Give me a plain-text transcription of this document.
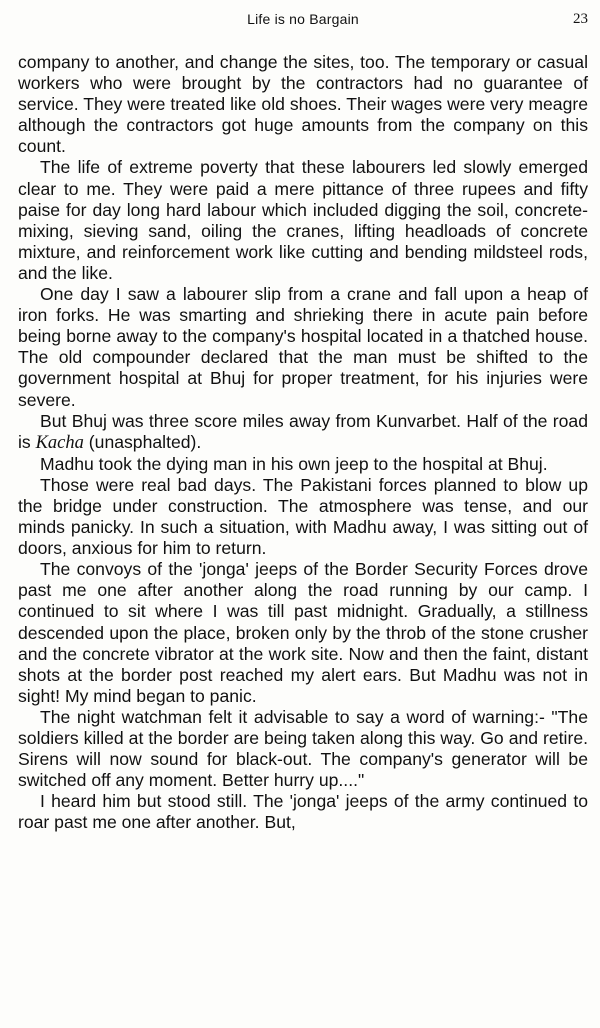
Life is no Bargain	23

company to another, and change the sites, too. The temporary or casual workers who were brought by the contractors had no guarantee of service. They were treated like old shoes. Their wages were very meagre although the contractors got huge amounts from the company on this count.

The life of extreme poverty that these labourers led slowly emerged clear to me. They were paid a mere pittance of three rupees and fifty paise for day long hard labour which included digging the soil, concrete-mixing, sieving sand, oiling the cranes, lifting headloads of concrete mixture, and reinforcement work like cutting and bending mildsteel rods, and the like.

One day I saw a labourer slip from a crane and fall upon a heap of iron forks. He was smarting and shrieking there in acute pain before being borne away to the company's hospital located in a thatched house. The old compounder declared that the man must be shifted to the government hospital at Bhuj for proper treatment, for his injuries were severe.

But Bhuj was three score miles away from Kunvarbet. Half of the road is Kacha (unasphalted).

Madhu took the dying man in his own jeep to the hospital at Bhuj.

Those were real bad days. The Pakistani forces planned to blow up the bridge under construction. The atmosphere was tense, and our minds panicky. In such a situation, with Madhu away, I was sitting out of doors, anxious for him to return.

The convoys of the 'jonga' jeeps of the Border Security Forces drove past me one after another along the road running by our camp. I continued to sit where I was till past midnight. Gradually, a stillness descended upon the place, broken only by the throb of the stone crusher and the concrete vibrator at the work site. Now and then the faint, distant shots at the border post reached my alert ears. But Madhu was not in sight! My mind began to panic.

The night watchman felt it advisable to say a word of warning:- "The soldiers killed at the border are being taken along this way. Go and retire. Sirens will now sound for black-out. The company's generator will be switched off any moment. Better hurry up...."

I heard him but stood still. The 'jonga' jeeps of the army continued to roar past me one after another. But,
